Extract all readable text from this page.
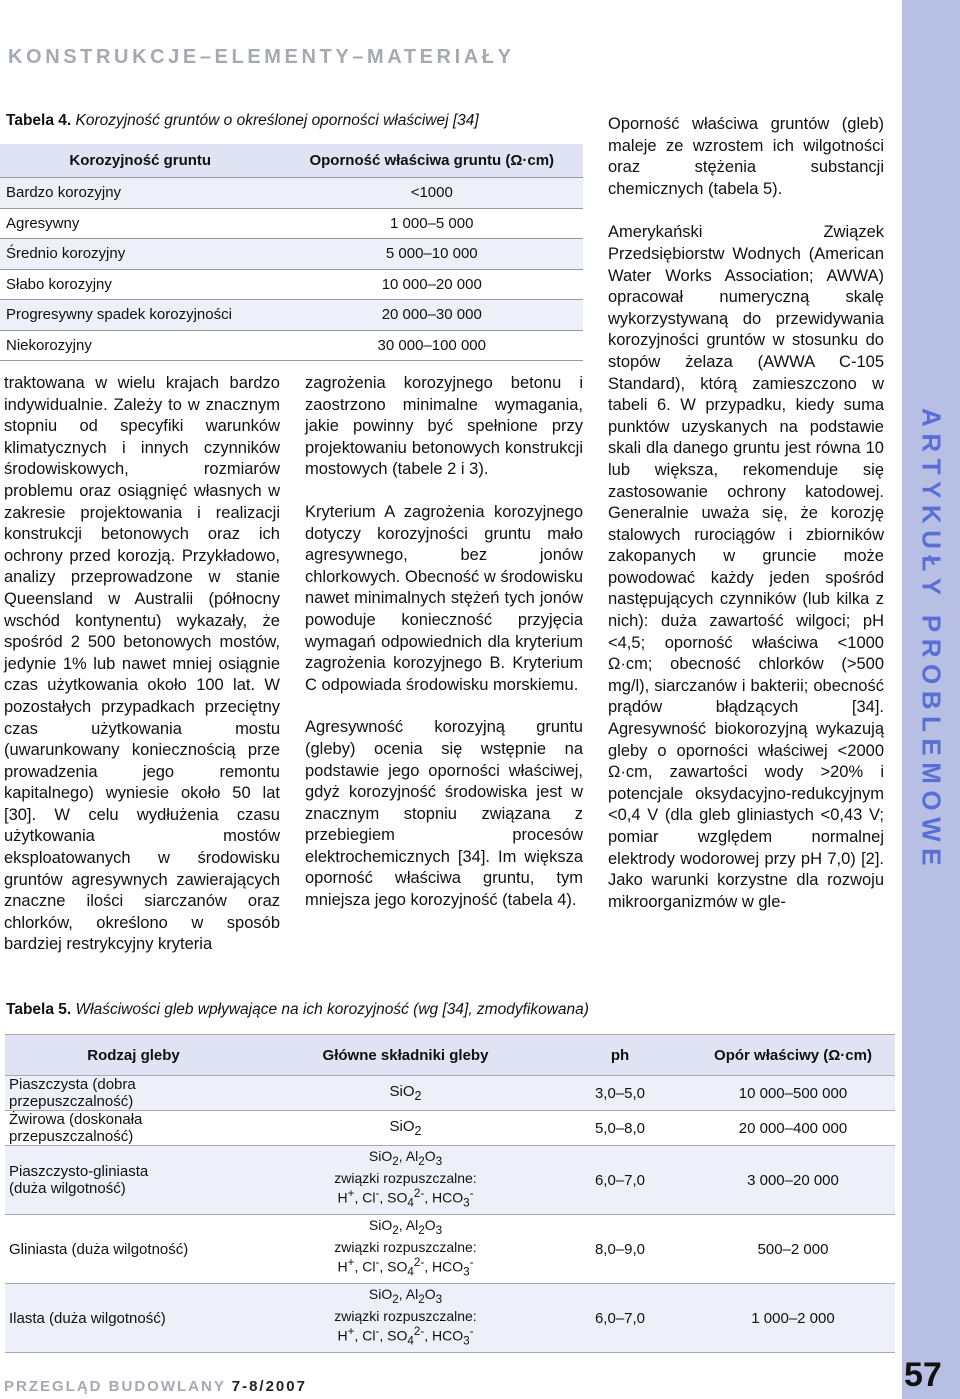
KONSTRUKCJE–ELEMENTY–MATERIAŁY
ARTYKUŁY PROBLEMOWE
Tabela 4. Korozyjność gruntów o określonej oporności właściwej [34]
Korozyjność gruntu	Oporność właściwa gruntu (Ω·cm)
Bardzo korozyjny	<1000
Agresywny	1 000–5 000
Średnio korozyjny	5 000–10 000
Słabo korozyjny	10 000–20 000
Progresywny spadek korozyjności	20 000–30 000
Niekorozyjny	30 000–100 000

traktowana w wielu krajach bardzo indywidualnie. Zależy to w znacznym stopniu od specyfiki warunków klimatycznych i innych czynników środowiskowych, rozmiarów problemu oraz osiągnięć własnych w zakresie projektowania i realizacji konstrukcji betonowych oraz ich ochrony przed korozją. Przykładowo, analizy przeprowadzone w stanie Queensland w Australii (północny wschód kontynentu) wykazały, że spośród 2 500 betonowych mostów, jedynie 1% lub nawet mniej osiągnie czas użytkowania około 100 lat. W pozostałych przypadkach przeciętny czas użytkowania mostu (uwarunkowany koniecznością prze prowadzenia jego remontu kapitalnego) wyniesie około 50 lat [30]. W celu wydłużenia czasu użytkowania mostów eksploatowanych w środowisku gruntów agresywnych zawierających znaczne ilości siarczanów oraz chlorków, określono w sposób bardziej restrykcyjny kryteria

zagrożenia korozyjnego betonu i zaostrzono minimalne wymagania, jakie powinny być spełnione przy projektowaniu betonowych konstrukcji mostowych (tabele 2 i 3).

Kryterium A zagrożenia korozyjnego dotyczy korozyjności gruntu mało agresywnego, bez jonów chlorkowych. Obecność w środowisku nawet minimalnych stężeń tych jonów powoduje konieczność przyjęcia wymagań odpowiednich dla kryterium zagrożenia korozyjnego B. Kryterium C odpowiada środowisku morskiemu.

Agresywność korozyjną gruntu (gleby) ocenia się wstępnie na podstawie jego oporności właściwej, gdyż korozyjność środowiska jest w znacznym stopniu związana z przebiegiem procesów elektrochemicznych [34]. Im większa oporność właściwa gruntu, tym mniejsza jego korozyjność (tabela 4).

Oporność właściwa gruntów (gleb) maleje ze wzrostem ich wilgotności oraz stężenia substancji chemicznych (tabela 5).

Amerykański Związek Przedsiębiorstw Wodnych (American Water Works Association; AWWA) opracował numeryczną skalę wykorzystywaną do przewidywania korozyjności gruntów w stosunku do stopów żelaza (AWWA C-105 Standard), którą zamieszczono w tabeli 6. W przypadku, kiedy suma punktów uzyskanych na podstawie skali dla danego gruntu jest równa 10 lub większa, rekomenduje się zastosowanie ochrony katodowej. Generalnie uważa się, że korozję stalowych rurociągów i zbiorników zakopanych w gruncie może powodować każdy jeden spośród następujących czynników (lub kilka z nich): duża zawartość wilgoci; pH <4,5; oporność właściwa <1000 Ω·cm; obecność chlorków (>500 mg/l), siarczanów i bakterii; obecność prądów błądzących [34]. Agresywność biokorozyjną wykazują gleby o oporności właściwej <2000 Ω·cm, zawartości wody >20% i potencjale oksydacyjno-redukcyjnym <0,4 V (dla gleb gliniastych <0,43 V; pomiar względem normalnej elektrody wodorowej przy pH 7,0) [2]. Jako warunki korzystne dla rozwoju mikroorganizmów w gle-

Tabela 5. Właściwości gleb wpływające na ich korozyjność (wg [34], zmodyfikowana)
Rodzaj gleby	Główne składniki gleby	ph	Opór właściwy (Ω·cm)
Piaszczysta (dobra przepuszczalność)	SiO$_2$	3,0–5,0	10 000–500 000
Żwirowa (doskonała przepuszczalność)	SiO$_2$	5,0–8,0	20 000–400 000
Piaszczysto-gliniasta
(duża wilgotność)	SiO$_2$, $Al_2O_3$
związki rozpuszczalne:
H+, Cl-, $SO_4^{2-}$, $HCO_3^-$	6,0–7,0	3 000–20 000
Gliniasta (duża wilgotność)	SiO$_2$, $Al_2O_3$
związki rozpuszczalne:
H+, Cl-, $SO_4^{2-}$, $HCO_3^-$	8,0–9,0	500–2 000
Ilasta (duża wilgotność)	SiO$_2$, $Al_2O_3$
związki rozpuszczalne:
H+, Cl-, $SO_4^{2-}$, $HCO_3^-$	6,0–7,0	1 000–2 000
PRZEGLĄD BUDOWLANY 7-8/2007	57
